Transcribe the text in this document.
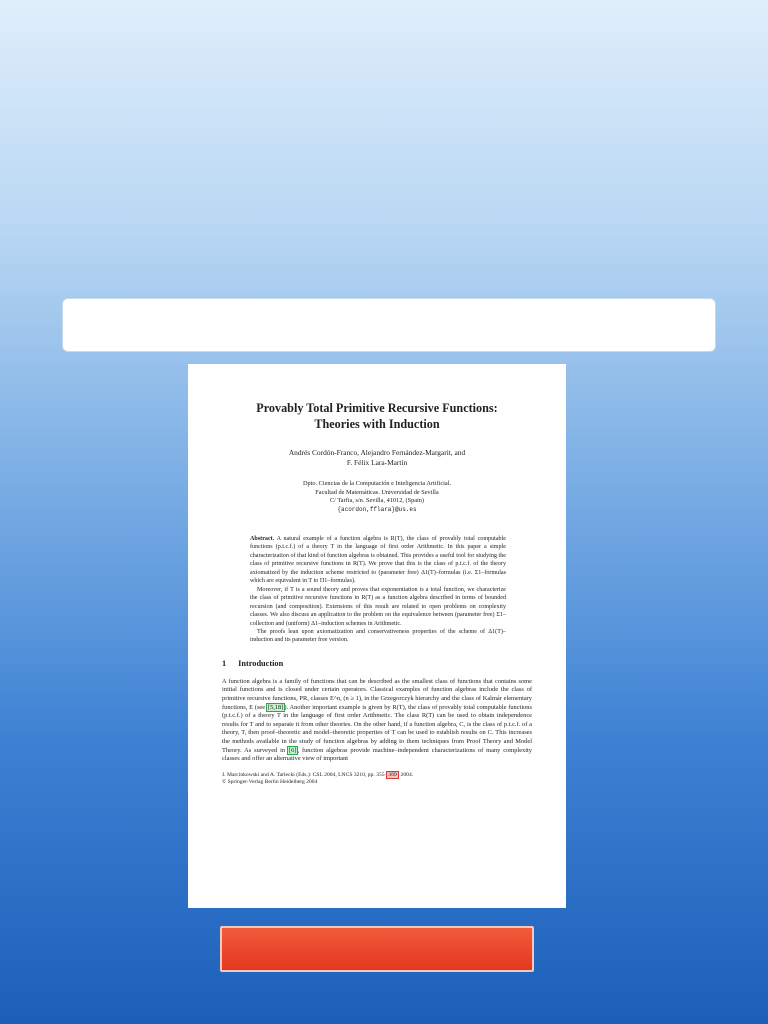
Provably Total Primitive Recursive Functions:
Theories with Induction
Andrés Cordón-Franco, Alejandro Fernández-Margarit, and
F. Félix Lara-Martín
Dpto. Ciencias de la Computación e Inteligencia Artificial.
Facultad de Matemáticas. Universidad de Sevilla
C/ Tarfia, s/n. Sevilla, 41012, (Spain)
{acordon,fflara}@us.es

Abstract. A natural example of a function algebra is R(T), the class of provably total computable functions (p.t.c.f.) of a theory T in the language of first order Arithmetic. In this paper a simple characterization of that kind of function algebras is obtained. This provides a useful tool for studying the class of primitive recursive functions in R(T). We prove that this is the class of p.t.c.f. of the theory axiomatized by the induction scheme restricted to (parameter free) Δ1(T)–formulas (i.e. Σ1–formulas which are equivalent in T to Π1–formulas).

Moreover, if T is a sound theory and proves that exponentiation is a total function, we characterize the class of primitive recursive functions in R(T) as a function algebra described in terms of bounded recursion (and composition). Extensions of this result are related to open problems on complexity classes. We also discuss an application to the problem on the equivalence between (parameter free) Σ1–collection and (uniform) Δ1–induction schemes in Arithmetic.

The proofs lean upon axiomatization and conservativeness properties of the scheme of Δ1(T)–induction and its parameter free version.

1 Introduction

A function algebra is a family of functions that can be described as the smallest class of functions that contains some initial functions and is closed under certain operators. Classical examples of function algebras include the class of primitive recursive functions, PR, classes E^n, (n ≥ 1), in the Grzegorczyk hierarchy and the class of Kalmár elementary functions, E (see [5,18]). Another important example is given by R(T), the class of provably total computable functions (p.t.c.f.) of a theory T in the language of first order Arithmetic. The class R(T) can be used to obtain independence results for T and to separate it from other theories. On the other hand, if a function algebra, C, is the class of p.t.c.f. of a theory, T, then proof–theoretic and model–theoretic properties of T can be used to establish results on C. This increases the methods available in the study of function algebras by adding to them techniques from Proof Theory and Model Theory. As surveyed in [6], function algebras provide machine–independent characterizations of many complexity classes and offer an alternative view of important

J. Marcinkowski and A. Tarlecki (Eds.): CSL 2004, LNCS 3210, pp. 355–369, 2004.

© Springer-Verlag Berlin Heidelberg 2004
